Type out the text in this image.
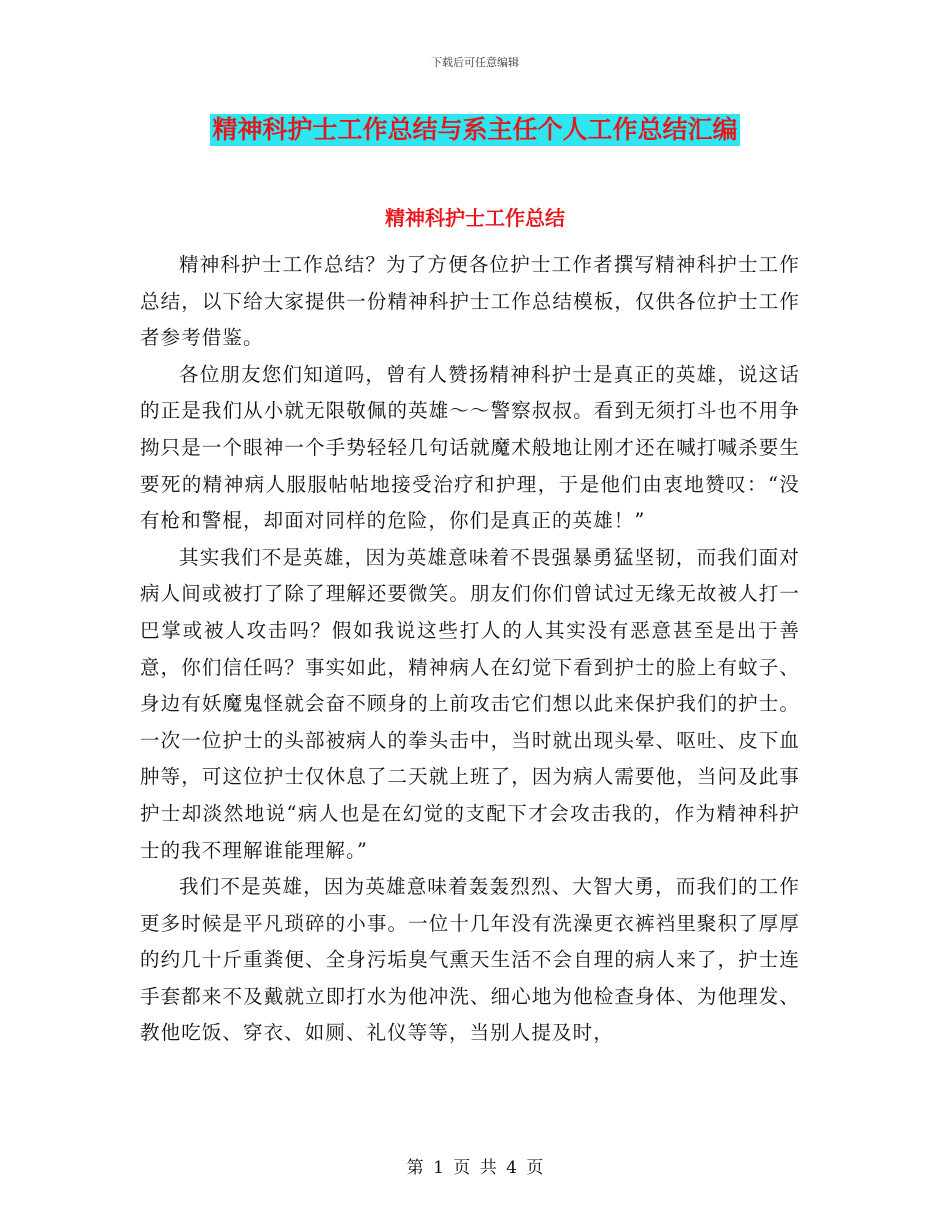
下载后可任意编辑
精神科护士工作总结与系主任个人工作总结汇编
精神科护士工作总结

精神科护士工作总结？为了方便各位护士工作者撰写精神科护士工作总结，以下给大家提供一份精神科护士工作总结模板，仅供各位护士工作者参考借鉴。

各位朋友您们知道吗，曾有人赞扬精神科护士是真正的英雄，说这话的正是我们从小就无限敬佩的英雄～～警察叔叔。看到无须打斗也不用争拗只是一个眼神一个手势轻轻几句话就魔术般地让刚才还在喊打喊杀要生要死的精神病人服服帖帖地接受治疗和护理，于是他们由衷地赞叹：“没有枪和警棍，却面对同样的危险，你们是真正的英雄！”

其实我们不是英雄，因为英雄意味着不畏强暴勇猛坚韧，而我们面对病人间或被打了除了理解还要微笑。朋友们你们曾试过无缘无故被人打一巴掌或被人攻击吗？假如我说这些打人的人其实没有恶意甚至是出于善意，你们信任吗？事实如此，精神病人在幻觉下看到护士的脸上有蚊子、身边有妖魔鬼怪就会奋不顾身的上前攻击它们想以此来保护我们的护士。一次一位护士的头部被病人的拳头击中，当时就出现头晕、呕吐、皮下血肿等，可这位护士仅休息了二天就上班了，因为病人需要他，当问及此事护士却淡然地说“病人也是在幻觉的支配下才会攻击我的，作为精神科护士的我不理解谁能理解。”

我们不是英雄，因为英雄意味着轰轰烈烈、大智大勇，而我们的工作更多时候是平凡琐碎的小事。一位十几年没有洗澡更衣裤裆里聚积了厚厚的约几十斤重粪便、全身污垢臭气熏天生活不会自理的病人来了，护士连手套都来不及戴就立即打水为他冲洗、细心地为他检查身体、为他理发、教他吃饭、穿衣、如厕、礼仪等等，当别人提及时，

第 1 页 共 4 页
